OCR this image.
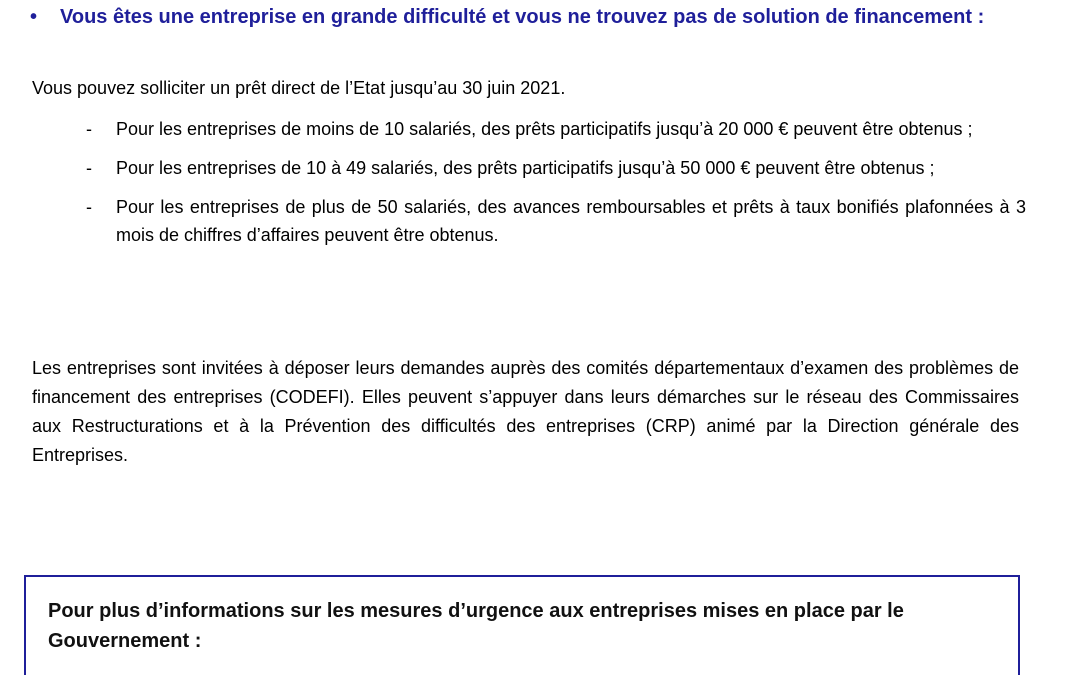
•	Vous êtes une entreprise en grande difficulté et vous ne trouvez pas de solution de financement :
Vous pouvez solliciter un prêt direct de l’Etat jusqu’au 30 juin 2021.
-	Pour les entreprises de moins de 10 salariés, des prêts participatifs jusqu’à 20 000 € peuvent être obtenus ;
-	Pour les entreprises de 10 à 49 salariés, des prêts participatifs jusqu’à 50 000 € peuvent être obtenus ;
-	Pour les entreprises de plus de 50 salariés, des avances remboursables et prêts à taux bonifiés plafonnées à 3 mois de chiffres d’affaires peuvent être obtenus.
Les entreprises sont invitées à déposer leurs demandes auprès des comités départementaux d’examen des problèmes de financement des entreprises (CODEFI). Elles peuvent s’appuyer dans leurs démarches sur le réseau des Commissaires aux Restructurations et à la Prévention des difficultés des entreprises (CRP) animé par la Direction générale des Entreprises.
Pour plus d’informations sur les mesures d’urgence aux entreprises mises en place par le Gouvernement :
